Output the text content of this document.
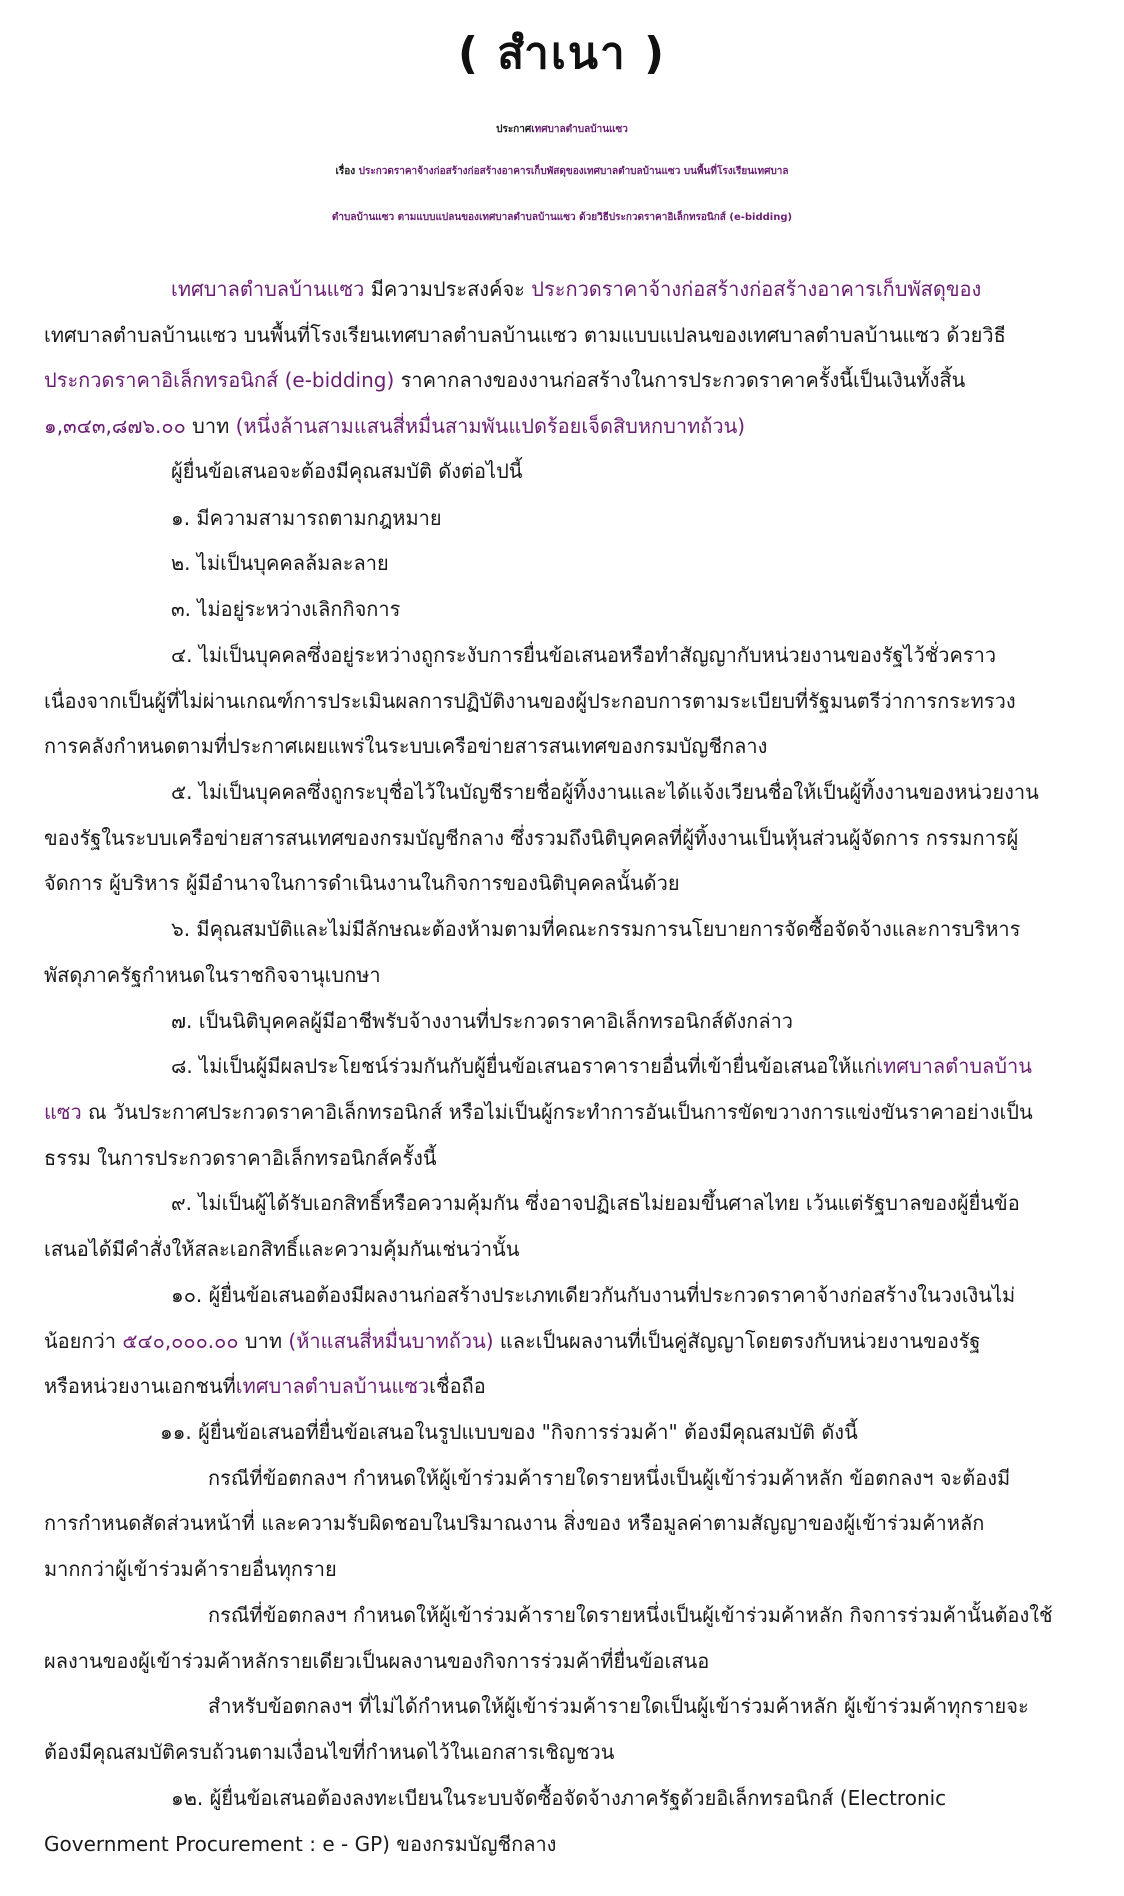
( สำเนา )
ประกาศเทศบาลตำบลบ้านแซว
เรื่อง ประกวดราคาจ้างก่อสร้างก่อสร้างอาคารเก็บพัสดุของเทศบาลตำบลบ้านแซว บนพื้นที่โรงเรียนเทศบาล
ตำบลบ้านแซว ตามแบบแปลนของเทศบาลตำบลบ้านแซว ด้วยวิธีประกวดราคาอิเล็กทรอนิกส์ (e-bidding)
เทศบาลตำบลบ้านแซว มีความประสงค์จะ ประกวดราคาจ้างก่อสร้างก่อสร้างอาคารเก็บพัสดุของ
เทศบาลตำบลบ้านแซว บนพื้นที่โรงเรียนเทศบาลตำบลบ้านแซว ตามแบบแปลนของเทศบาลตำบลบ้านแซว ด้วยวิธี
ประกวดราคาอิเล็กทรอนิกส์ (e-bidding) ราคากลางของงานก่อสร้างในการประกวดราคาครั้งนี้เป็นเงินทั้งสิ้น
๑,๓๔๓,๘๗๖.๐๐ บาท (หนึ่งล้านสามแสนสี่หมื่นสามพันแปดร้อยเจ็ดสิบหกบาทถ้วน)
ผู้ยื่นข้อเสนอจะต้องมีคุณสมบัติ ดังต่อไปนี้
๑. มีความสามารถตามกฎหมาย
๒. ไม่เป็นบุคคลล้มละลาย
๓. ไม่อยู่ระหว่างเลิกกิจการ
๔. ไม่เป็นบุคคลซึ่งอยู่ระหว่างถูกระงับการยื่นข้อเสนอหรือทำสัญญากับหน่วยงานของรัฐไว้ชั่วคราว
เนื่องจากเป็นผู้ที่ไม่ผ่านเกณฑ์การประเมินผลการปฏิบัติงานของผู้ประกอบการตามระเบียบที่รัฐมนตรีว่าการกระทรวง
การคลังกำหนดตามที่ประกาศเผยแพร่ในระบบเครือข่ายสารสนเทศของกรมบัญชีกลาง
๕. ไม่เป็นบุคคลซึ่งถูกระบุชื่อไว้ในบัญชีรายชื่อผู้ทิ้งงานและได้แจ้งเวียนชื่อให้เป็นผู้ทิ้งงานของหน่วยงาน
ของรัฐในระบบเครือข่ายสารสนเทศของกรมบัญชีกลาง ซึ่งรวมถึงนิติบุคคลที่ผู้ทิ้งงานเป็นหุ้นส่วนผู้จัดการ กรรมการผู้
จัดการ ผู้บริหาร ผู้มีอำนาจในการดำเนินงานในกิจการของนิติบุคคลนั้นด้วย
๖. มีคุณสมบัติและไม่มีลักษณะต้องห้ามตามที่คณะกรรมการนโยบายการจัดซื้อจัดจ้างและการบริหาร
พัสดุภาครัฐกำหนดในราชกิจจานุเบกษา
๗. เป็นนิติบุคคลผู้มีอาชีพรับจ้างงานที่ประกวดราคาอิเล็กทรอนิกส์ดังกล่าว
๘. ไม่เป็นผู้มีผลประโยชน์ร่วมกันกับผู้ยื่นข้อเสนอราคารายอื่นที่เข้ายื่นข้อเสนอให้แก่เทศบาลตำบลบ้าน
แซว ณ วันประกาศประกวดราคาอิเล็กทรอนิกส์ หรือไม่เป็นผู้กระทำการอันเป็นการขัดขวางการแข่งขันราคาอย่างเป็น
ธรรม ในการประกวดราคาอิเล็กทรอนิกส์ครั้งนี้
๙. ไม่เป็นผู้ได้รับเอกสิทธิ์หรือความคุ้มกัน ซึ่งอาจปฏิเสธไม่ยอมขึ้นศาลไทย เว้นแต่รัฐบาลของผู้ยื่นข้อ
เสนอได้มีคำสั่งให้สละเอกสิทธิ์และความคุ้มกันเช่นว่านั้น
๑๐. ผู้ยื่นข้อเสนอต้องมีผลงานก่อสร้างประเภทเดียวกันกับงานที่ประกวดราคาจ้างก่อสร้างในวงเงินไม่
น้อยกว่า ๕๔๐,๐๐๐.๐๐ บาท (ห้าแสนสี่หมื่นบาทถ้วน) และเป็นผลงานที่เป็นคู่สัญญาโดยตรงกับหน่วยงานของรัฐ
หรือหน่วยงานเอกชนที่เทศบาลตำบลบ้านแซวเชื่อถือ
๑๑. ผู้ยื่นข้อเสนอที่ยื่นข้อเสนอในรูปแบบของ "กิจการร่วมค้า" ต้องมีคุณสมบัติ ดังนี้
กรณีที่ข้อตกลงฯ กำหนดให้ผู้เข้าร่วมค้ารายใดรายหนึ่งเป็นผู้เข้าร่วมค้าหลัก ข้อตกลงฯ จะต้องมี
การกำหนดสัดส่วนหน้าที่ และความรับผิดชอบในปริมาณงาน สิ่งของ หรือมูลค่าตามสัญญาของผู้เข้าร่วมค้าหลัก
มากกว่าผู้เข้าร่วมค้ารายอื่นทุกราย
กรณีที่ข้อตกลงฯ กำหนดให้ผู้เข้าร่วมค้ารายใดรายหนึ่งเป็นผู้เข้าร่วมค้าหลัก กิจการร่วมค้านั้นต้องใช้
ผลงานของผู้เข้าร่วมค้าหลักรายเดียวเป็นผลงานของกิจการร่วมค้าที่ยื่นข้อเสนอ
สำหรับข้อตกลงฯ ที่ไม่ได้กำหนดให้ผู้เข้าร่วมค้ารายใดเป็นผู้เข้าร่วมค้าหลัก ผู้เข้าร่วมค้าทุกรายจะ
ต้องมีคุณสมบัติครบถ้วนตามเงื่อนไขที่กำหนดไว้ในเอกสารเชิญชวน
๑๒. ผู้ยื่นข้อเสนอต้องลงทะเบียนในระบบจัดซื้อจัดจ้างภาครัฐด้วยอิเล็กทรอนิกส์ (Electronic
Government Procurement : e - GP) ของกรมบัญชีกลาง
